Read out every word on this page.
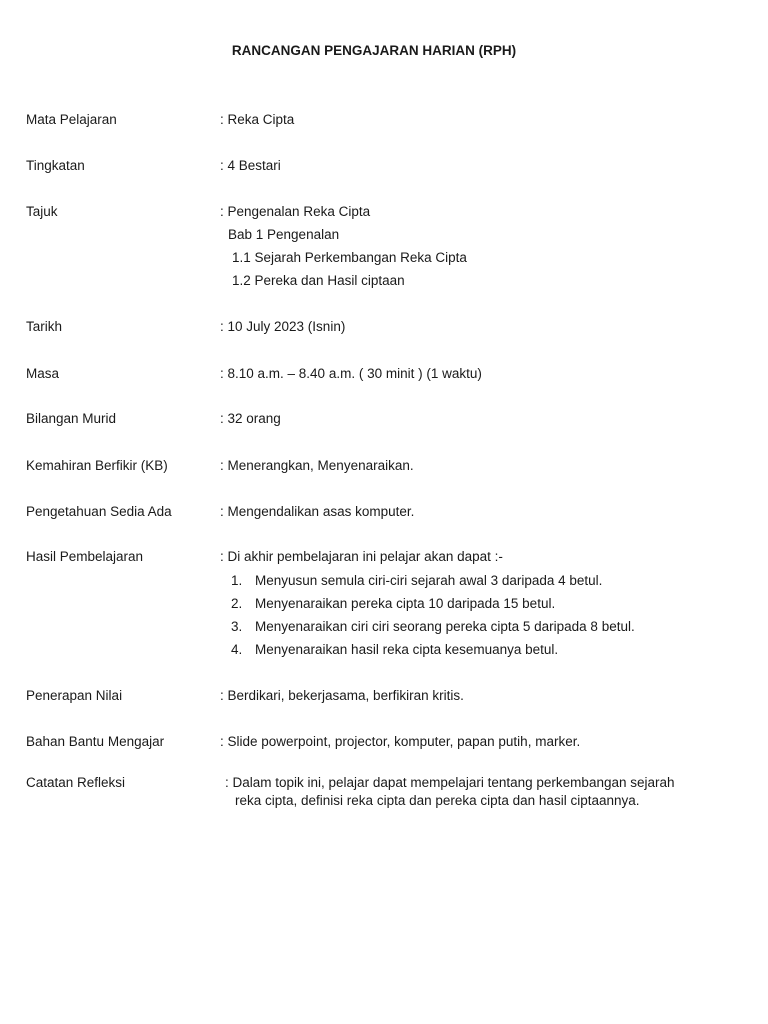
RANCANGAN PENGAJARAN HARIAN (RPH)
Mata Pelajaran	: Reka Cipta
Tingkatan	: 4 Bestari
Tajuk	: Pengenalan Reka Cipta
Bab 1 Pengenalan
1.1 Sejarah Perkembangan Reka Cipta
1.2 Pereka dan Hasil ciptaan
Tarikh	: 10 July 2023 (Isnin)
Masa	: 8.10 a.m. – 8.40 a.m. ( 30 minit ) (1 waktu)
Bilangan Murid	: 32 orang
Kemahiran Berfikir (KB)	: Menerangkan, Menyenaraikan.
Pengetahuan Sedia Ada	: Mengendalikan asas komputer.
Hasil Pembelajaran	: Di akhir pembelajaran ini pelajar akan dapat :-
1. Menyusun semula ciri-ciri sejarah awal 3 daripada 4 betul.
2. Menyenaraikan pereka cipta 10 daripada 15 betul.
3. Menyenaraikan ciri ciri seorang pereka cipta 5 daripada 8 betul.
4. Menyenaraikan hasil reka cipta kesemuanya betul.
Penerapan Nilai	: Berdikari, bekerjasama, berfikiran kritis.
Bahan Bantu Mengajar	: Slide powerpoint, projector, komputer, papan putih, marker.
Catatan Refleksi	: Dalam topik ini, pelajar dapat mempelajari tentang perkembangan sejarah
reka cipta, definisi reka cipta dan pereka cipta dan hasil ciptaannya.
